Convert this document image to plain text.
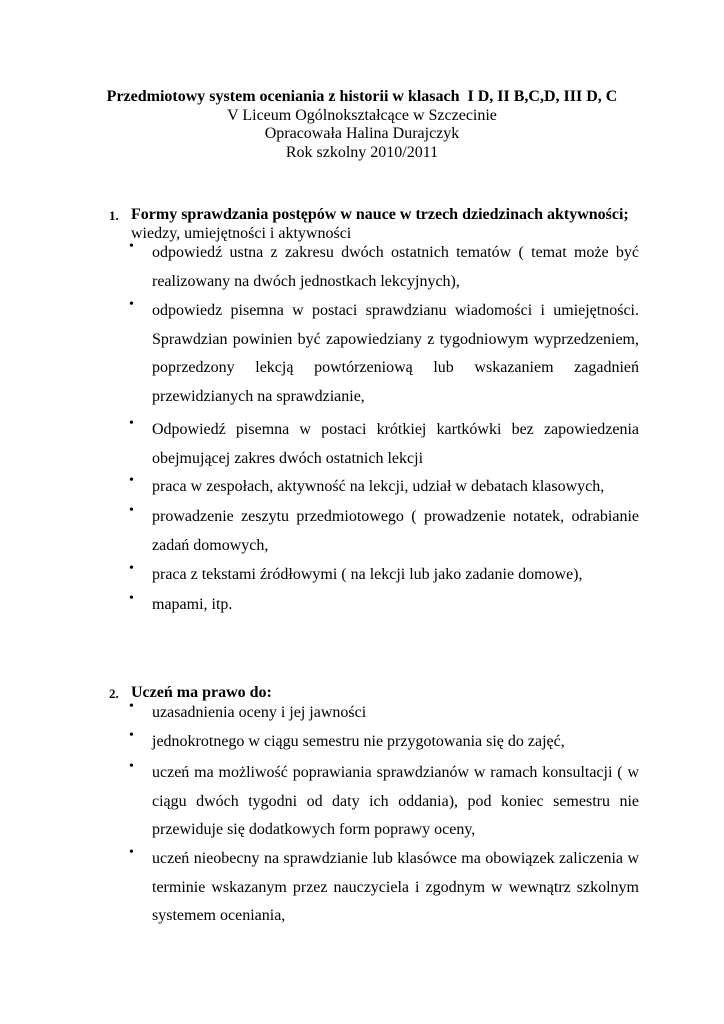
Przedmiotowy system oceniania z historii w klasach  I D, II B,C,D, III D, C
V Liceum Ogólnokształcące w Szczecinie
Opracowała Halina Durajczyk
Rok szkolny 2010/2011
1. Formy sprawdzania postępów w nauce w trzech dziedzinach aktywności; wiedzy, umiejętności i aktywności
• odpowiedź ustna z zakresu dwóch ostatnich tematów ( temat może być realizowany na dwóch jednostkach lekcyjnych),
• odpowiedz pisemna w postaci sprawdzianu wiadomości i umiejętności. Sprawdzian powinien być zapowiedziany z tygodniowym wyprzedzeniem, poprzedzony lekcją powtórzeniową lub wskazaniem zagadnień przewidzianych na sprawdzianie,
• Odpowiedź pisemna w postaci krótkiej kartkówki bez zapowiedzenia obejmującej zakres dwóch ostatnich lekcji
• praca w zespołach, aktywność na lekcji, udział w debatach klasowych,
• prowadzenie zeszytu przedmiotowego ( prowadzenie notatek, odrabianie zadań domowych,
• praca z tekstami źródłowymi ( na lekcji lub jako zadanie domowe),
• mapami, itp.
2. Uczeń ma prawo do:
• uzasadnienia oceny i jej jawności
• jednokrotnego w ciągu semestru nie przygotowania się do zajęć,
• uczeń ma możliwość poprawiania sprawdzianów w ramach konsultacji ( w ciągu dwóch tygodni od daty ich oddania), pod koniec semestru nie przewiduje się dodatkowych form poprawy oceny,
• uczeń nieobecny na sprawdzianie lub klasówce ma obowiązek zaliczenia w terminie wskazanym przez nauczyciela i zgodnym w wewnątrz szkolnym systemem oceniania,
